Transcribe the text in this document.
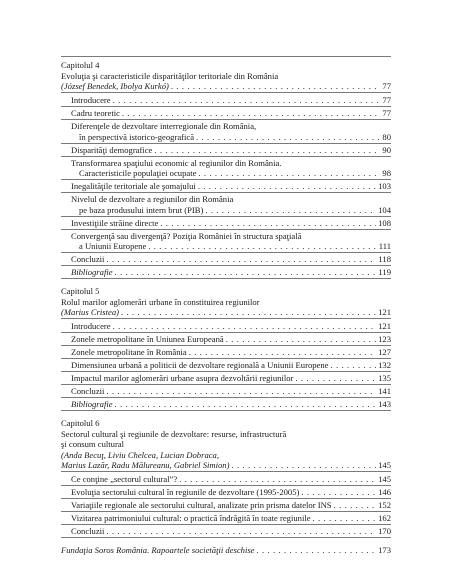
Capitolul 4
Evoluţia şi caracteristicile disparităţilor teritoriale din România
(József Benedek, Ibolya Kurkó) . . .	77
Introducere . . .	77
Cadru teoretic . . .	77
Diferenţele de dezvoltare interregionale din România,
în perspectivă istorico-geografică . . .	80
Disparităţi demografice . . .	90
Transformarea spaţiului economic al regiunilor din România.
Caracteristicile populaţiei ocupate . . .	98
Inegalităţile teritoriale ale şomajului . . .	103
Nivelul de dezvoltare a regiunilor din România
pe baza produsului intern brut (PIB) . . .	104
Investiţiile străine directe . . .	108
Convergenţă sau divergenţă? Poziţia României în structura spaţială
a Uniunii Europene . . .	111
Concluzii . . .	118
Bibliografie . . .	119
Capitolul 5
Rolul marilor aglomerări urbane în constituirea regiunilor
(Marius Cristea) . . .	121
Introducere . . .	121
Zonele metropolitane în Uniunea Europeană . . .	123
Zonele metropolitane în România . . .	127
Dimensiunea urbană a politicii de dezvoltare regională a Uniunii Europene . . .	132
Impactul marilor aglomerări urbane asupra dezvoltării regiunilor . . .	135
Concluzii . . .	141
Bibliografie . . .	143
Capitolul 6
Sectorul cultural şi regiunile de dezvoltare: resurse, infrastructură
şi consum cultural
(Anda Becuţ, Liviu Chelcea, Lucian Dobraca,
Marius Lazăr, Radu Mălureanu, Gabriel Simion) . . .	145
Ce conţine „sectorul cultural”? . . .	145
Evoluţia sectorului cultural în regiunile de dezvoltare (1995-2005) . . .	146
Variaţiile regionale ale sectorului cultural, analizate prin prisma datelor INS . . .	152
Vizitarea patrimoniului cultural: o practică îndrăgită în toate regiunile . . .	162
Concluzii . . .	170
Fundaţia Soros România. Rapoartele societăţii deschise . . .	173
